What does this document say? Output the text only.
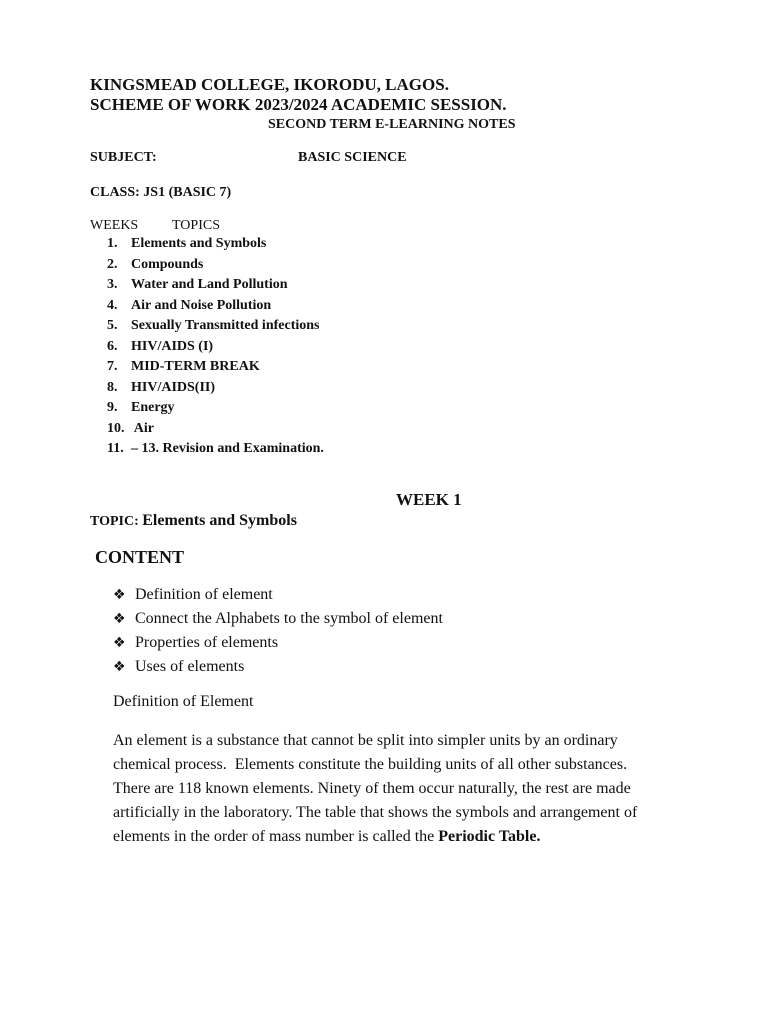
KINGSMEAD COLLEGE, IKORODU, LAGOS.
SCHEME OF WORK 2023/2024 ACADEMIC SESSION.
SECOND TERM E-LEARNING NOTES
SUBJECT:	BASIC SCIENCE
CLASS: JS1 (BASIC 7)
WEEKS TOPICS
1. Elements and Symbols
2. Compounds
3. Water and Land Pollution
4. Air and Noise Pollution
5. Sexually Transmitted infections
6. HIV/AIDS (I)
7. MID-TERM BREAK
8. HIV/AIDS(II)
9. Energy
10. Air
11. – 13. Revision and Examination.
WEEK 1
TOPIC: Elements and Symbols
CONTENT
❖ Definition of element
❖ Connect the Alphabets to the symbol of element
❖ Properties of elements
❖ Uses of elements
Definition of Element
An element is a substance that cannot be split into simpler units by an ordinary
chemical process.  Elements constitute the building units of all other substances.
There are 118 known elements. Ninety of them occur naturally, the rest are made
artificially in the laboratory. The table that shows the symbols and arrangement of
elements in the order of mass number is called the Periodic Table.
